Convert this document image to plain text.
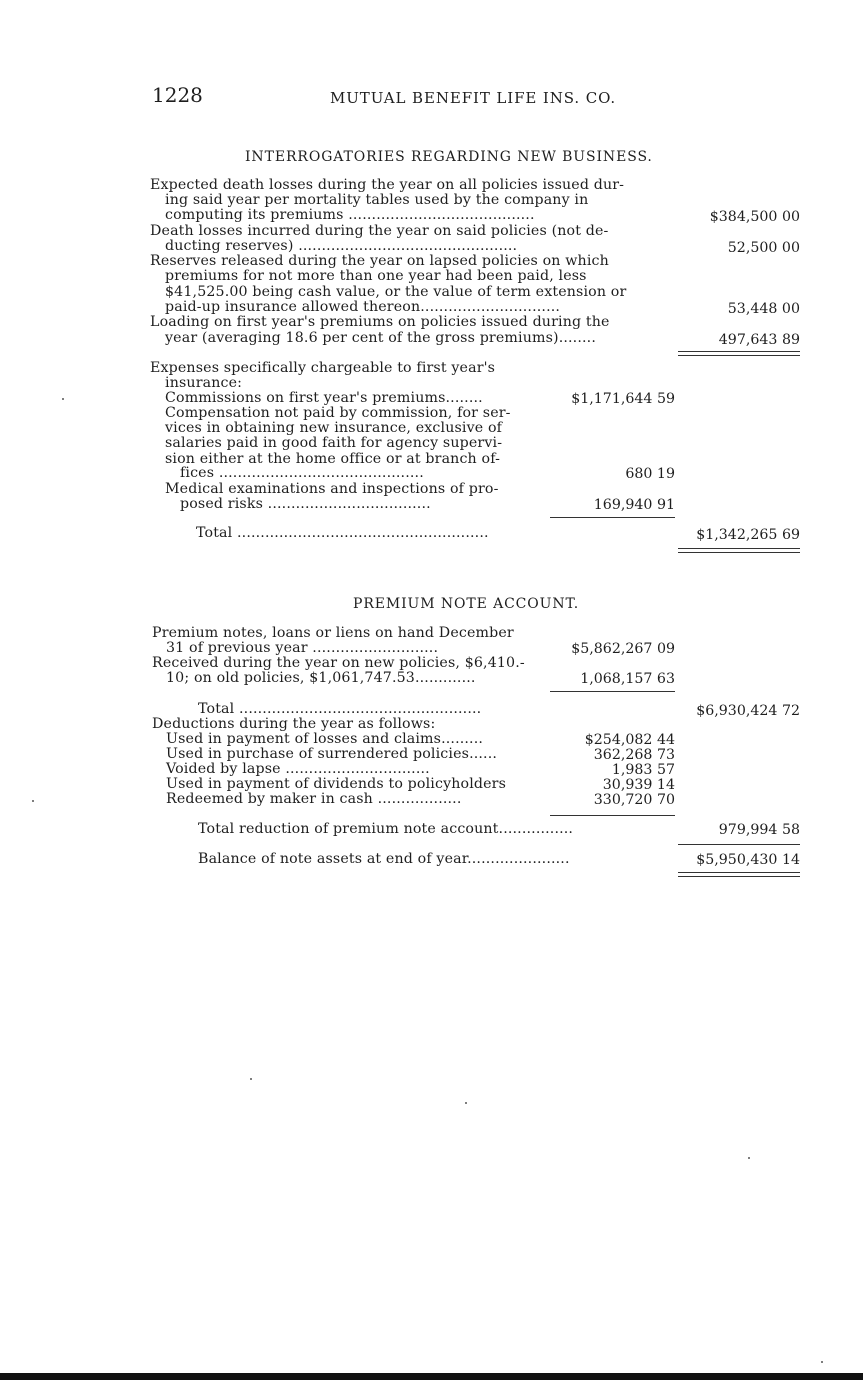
1228	MUTUAL BENEFIT LIFE INS. CO.
INTERROGATORIES REGARDING NEW BUSINESS.
Expected death losses during the year on all policies issued dur-
ing said year per mortality tables used by the company in
computing its premiums ........................................	$384,500 00
Death losses incurred during the year on said policies (not de-
ducting reserves) ...............................................	52,500 00
Reserves released during the year on lapsed policies on which
premiums for not more than one year had been paid, less
$41,525.00 being cash value, or the value of term extension or
paid-up insurance allowed thereon..............................	53,448 00
Loading on first year's premiums on policies issued during the
year (averaging 18.6 per cent of the gross premiums)........	497,643 89
Expenses specifically chargeable to first year's
insurance:
Commissions on first year's premiums........	$1,171,644 59
Compensation not paid by commission, for ser-
vices in obtaining new insurance, exclusive of
salaries paid in good faith for agency supervi-
sion either at the home office or at branch of-
fices ............................................	680 19
Medical examinations and inspections of pro-
posed risks ...................................	169,940 91
Total ......................................................	$1,342,265 69
PREMIUM NOTE ACCOUNT.
Premium notes, loans or liens on hand December
31 of previous year ...........................	$5,862,267 09
Received during the year on new policies, $6,410.-
10; on old policies, $1,061,747.53.............	1,068,157 63
Total ....................................................	$6,930,424 72
Deductions during the year as follows:
Used in payment of losses and claims.........	$254,082 44
Used in purchase of surrendered policies......	362,268 73
Voided by lapse ...............................	1,983 57
Used in payment of dividends to policyholders	30,939 14
Redeemed by maker in cash ..................	330,720 70
Total reduction of premium note account................	979,994 58
Balance of note assets at end of year......................	$5,950,430 14
